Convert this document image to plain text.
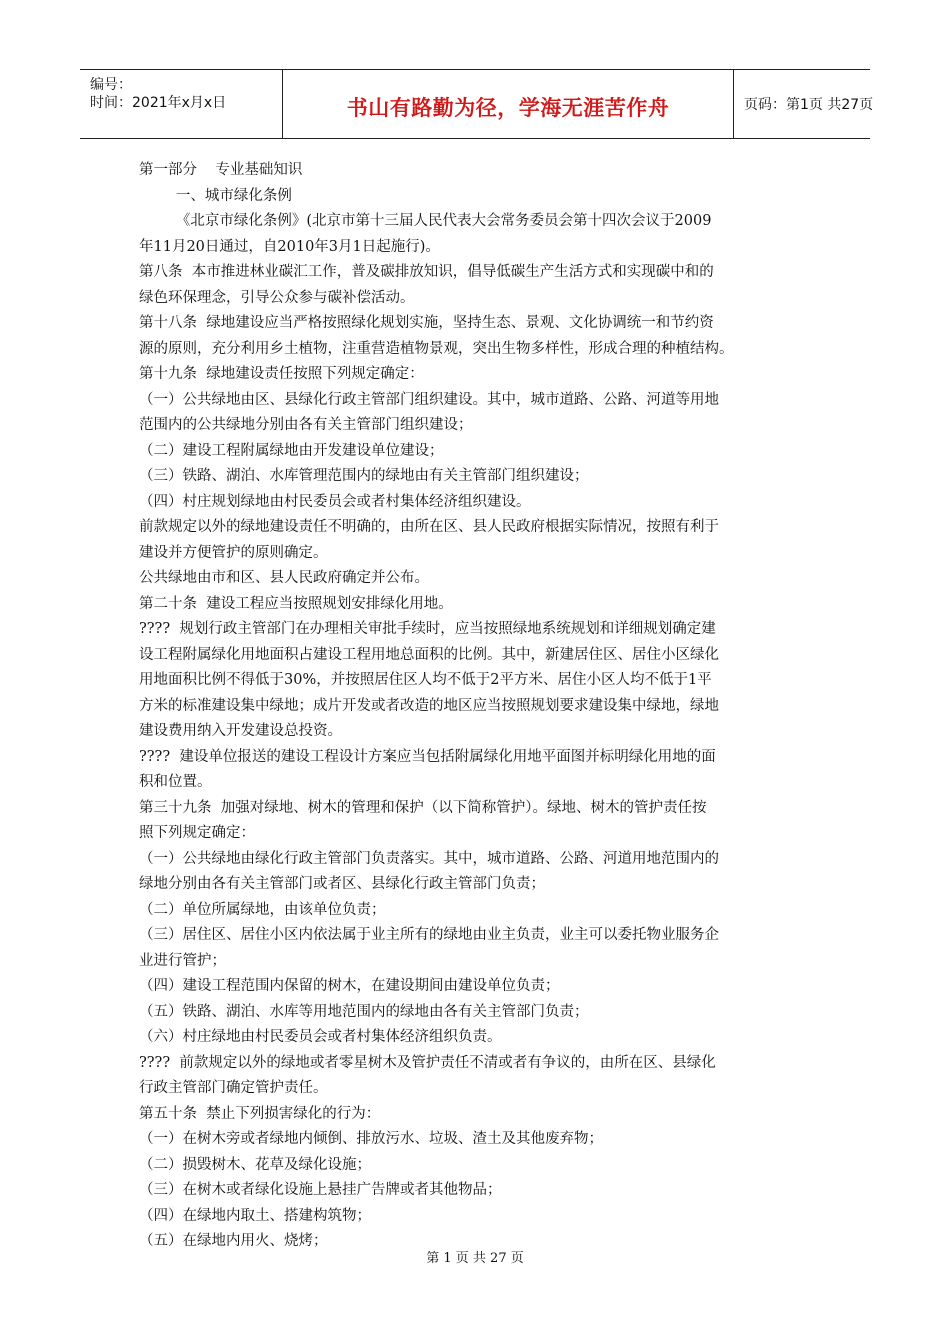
编号：
时间：2021年x月x日	书山有路勤为径，学海无涯苦作舟	页码：第1页 共27页

第一部分    专业基础知识

一、城市绿化条例

《北京市绿化条例》(北京市第十三届人民代表大会常务委员会第十四次会议于2009

年11月20日通过，自2010年3月1日起施行)。

第八条  本市推进林业碳汇工作，普及碳排放知识，倡导低碳生产生活方式和实现碳中和的

绿色环保理念，引导公众参与碳补偿活动。

第十八条  绿地建设应当严格按照绿化规划实施，坚持生态、景观、文化协调统一和节约资

源的原则，充分利用乡土植物，注重营造植物景观，突出生物多样性，形成合理的种植结构。

第十九条  绿地建设责任按照下列规定确定：

（一）公共绿地由区、县绿化行政主管部门组织建设。其中，城市道路、公路、河道等用地

范围内的公共绿地分别由各有关主管部门组织建设；

（二）建设工程附属绿地由开发建设单位建设；

（三）铁路、湖泊、水库管理范围内的绿地由有关主管部门组织建设；

（四）村庄规划绿地由村民委员会或者村集体经济组织建设。

前款规定以外的绿地建设责任不明确的，由所在区、县人民政府根据实际情况，按照有利于

建设并方便管护的原则确定。

公共绿地由市和区、县人民政府确定并公布。

第二十条  建设工程应当按照规划安排绿化用地。

????  规划行政主管部门在办理相关审批手续时，应当按照绿地系统规划和详细规划确定建

设工程附属绿化用地面积占建设工程用地总面积的比例。其中，新建居住区、居住小区绿化

用地面积比例不得低于30%，并按照居住区人均不低于2平方米、居住小区人均不低于1平

方米的标准建设集中绿地；成片开发或者改造的地区应当按照规划要求建设集中绿地，绿地

建设费用纳入开发建设总投资。

????  建设单位报送的建设工程设计方案应当包括附属绿化用地平面图并标明绿化用地的面

积和位置。

第三十九条  加强对绿地、树木的管理和保护（以下简称管护）。绿地、树木的管护责任按

照下列规定确定：

（一）公共绿地由绿化行政主管部门负责落实。其中，城市道路、公路、河道用地范围内的

绿地分别由各有关主管部门或者区、县绿化行政主管部门负责；

（二）单位所属绿地，由该单位负责；

（三）居住区、居住小区内依法属于业主所有的绿地由业主负责，业主可以委托物业服务企

业进行管护；

（四）建设工程范围内保留的树木，在建设期间由建设单位负责；

（五）铁路、湖泊、水库等用地范围内的绿地由各有关主管部门负责；

（六）村庄绿地由村民委员会或者村集体经济组织负责。

????  前款规定以外的绿地或者零星树木及管护责任不清或者有争议的，由所在区、县绿化

行政主管部门确定管护责任。

第五十条  禁止下列损害绿化的行为：

（一）在树木旁或者绿地内倾倒、排放污水、垃圾、渣土及其他废弃物；

（二）损毁树木、花草及绿化设施；

（三）在树木或者绿化设施上悬挂广告牌或者其他物品；

（四）在绿地内取土、搭建构筑物；

（五）在绿地内用火、烧烤；

第 1 页 共 27 页
